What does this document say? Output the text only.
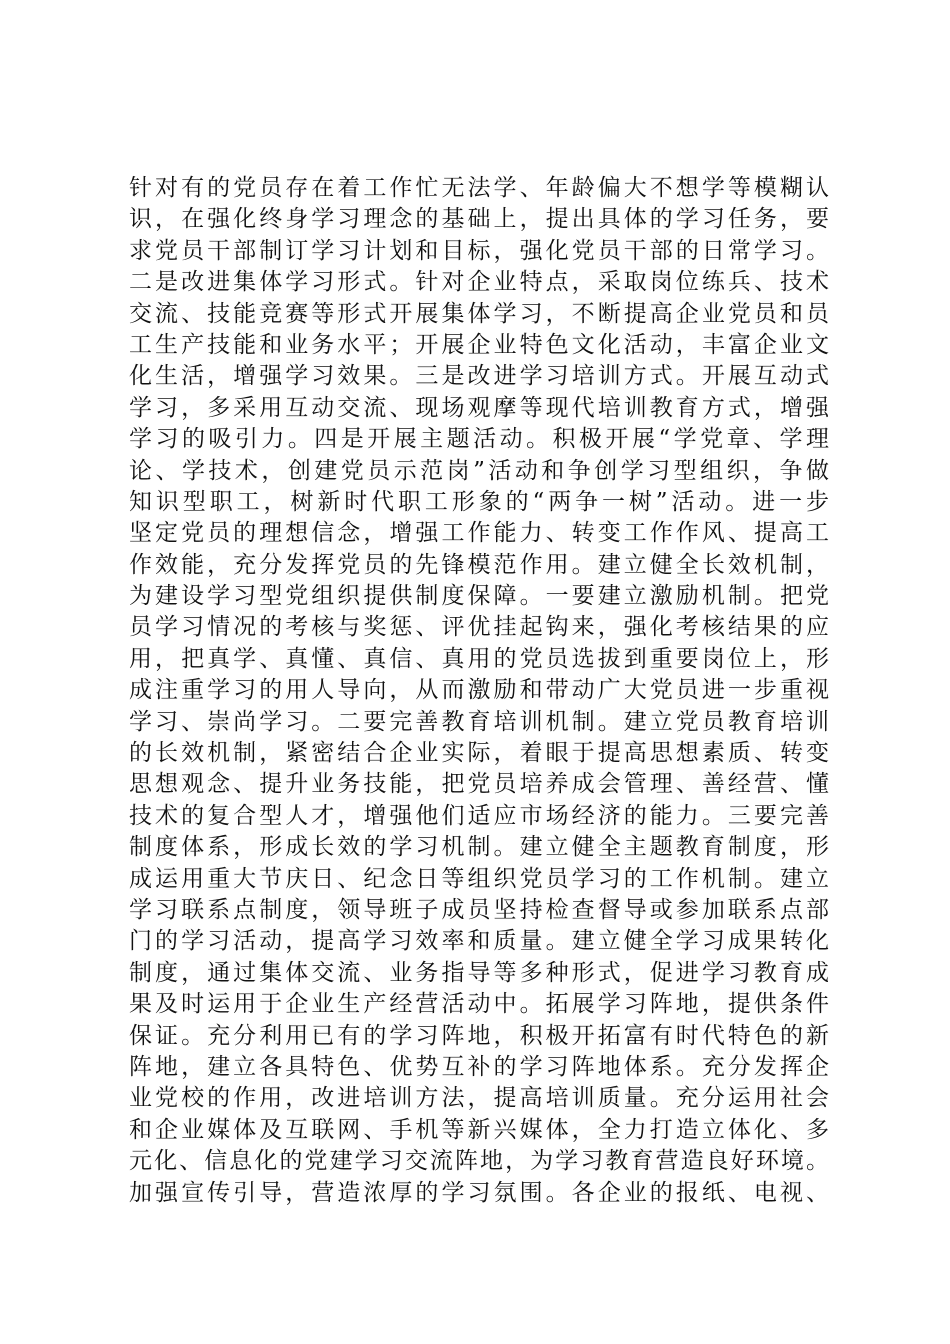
针对有的党员存在着工作忙无法学、年龄偏大不想学等模糊认
识，在强化终身学习理念的基础上，提出具体的学习任务，要
求党员干部制订学习计划和目标，强化党员干部的日常学习。
二是改进集体学习形式。针对企业特点，采取岗位练兵、技术
交流、技能竞赛等形式开展集体学习，不断提高企业党员和员
工生产技能和业务水平；开展企业特色文化活动，丰富企业文
化生活，增强学习效果。三是改进学习培训方式。开展互动式
学习，多采用互动交流、现场观摩等现代培训教育方式，增强
学习的吸引力。四是开展主题活动。积极开展“学党章、学理
论、学技术，创建党员示范岗”活动和争创学习型组织，争做
知识型职工，树新时代职工形象的“两争一树”活动。进一步
坚定党员的理想信念，增强工作能力、转变工作作风、提高工
作效能，充分发挥党员的先锋模范作用。建立健全长效机制，
为建设学习型党组织提供制度保障。一要建立激励机制。把党
员学习情况的考核与奖惩、评优挂起钩来，强化考核结果的应
用，把真学、真懂、真信、真用的党员选拔到重要岗位上，形
成注重学习的用人导向，从而激励和带动广大党员进一步重视
学习、崇尚学习。二要完善教育培训机制。建立党员教育培训
的长效机制，紧密结合企业实际，着眼于提高思想素质、转变
思想观念、提升业务技能，把党员培养成会管理、善经营、懂
技术的复合型人才，增强他们适应市场经济的能力。三要完善
制度体系，形成长效的学习机制。建立健全主题教育制度，形
成运用重大节庆日、纪念日等组织党员学习的工作机制。建立
学习联系点制度，领导班子成员坚持检查督导或参加联系点部
门的学习活动，提高学习效率和质量。建立健全学习成果转化
制度，通过集体交流、业务指导等多种形式，促进学习教育成
果及时运用于企业生产经营活动中。拓展学习阵地，提供条件
保证。充分利用已有的学习阵地，积极开拓富有时代特色的新
阵地，建立各具特色、优势互补的学习阵地体系。充分发挥企
业党校的作用，改进培训方法，提高培训质量。充分运用社会
和企业媒体及互联网、手机等新兴媒体，全力打造立体化、多
元化、信息化的党建学习交流阵地，为学习教育营造良好环境。
加强宣传引导，营造浓厚的学习氛围。各企业的报纸、电视、
